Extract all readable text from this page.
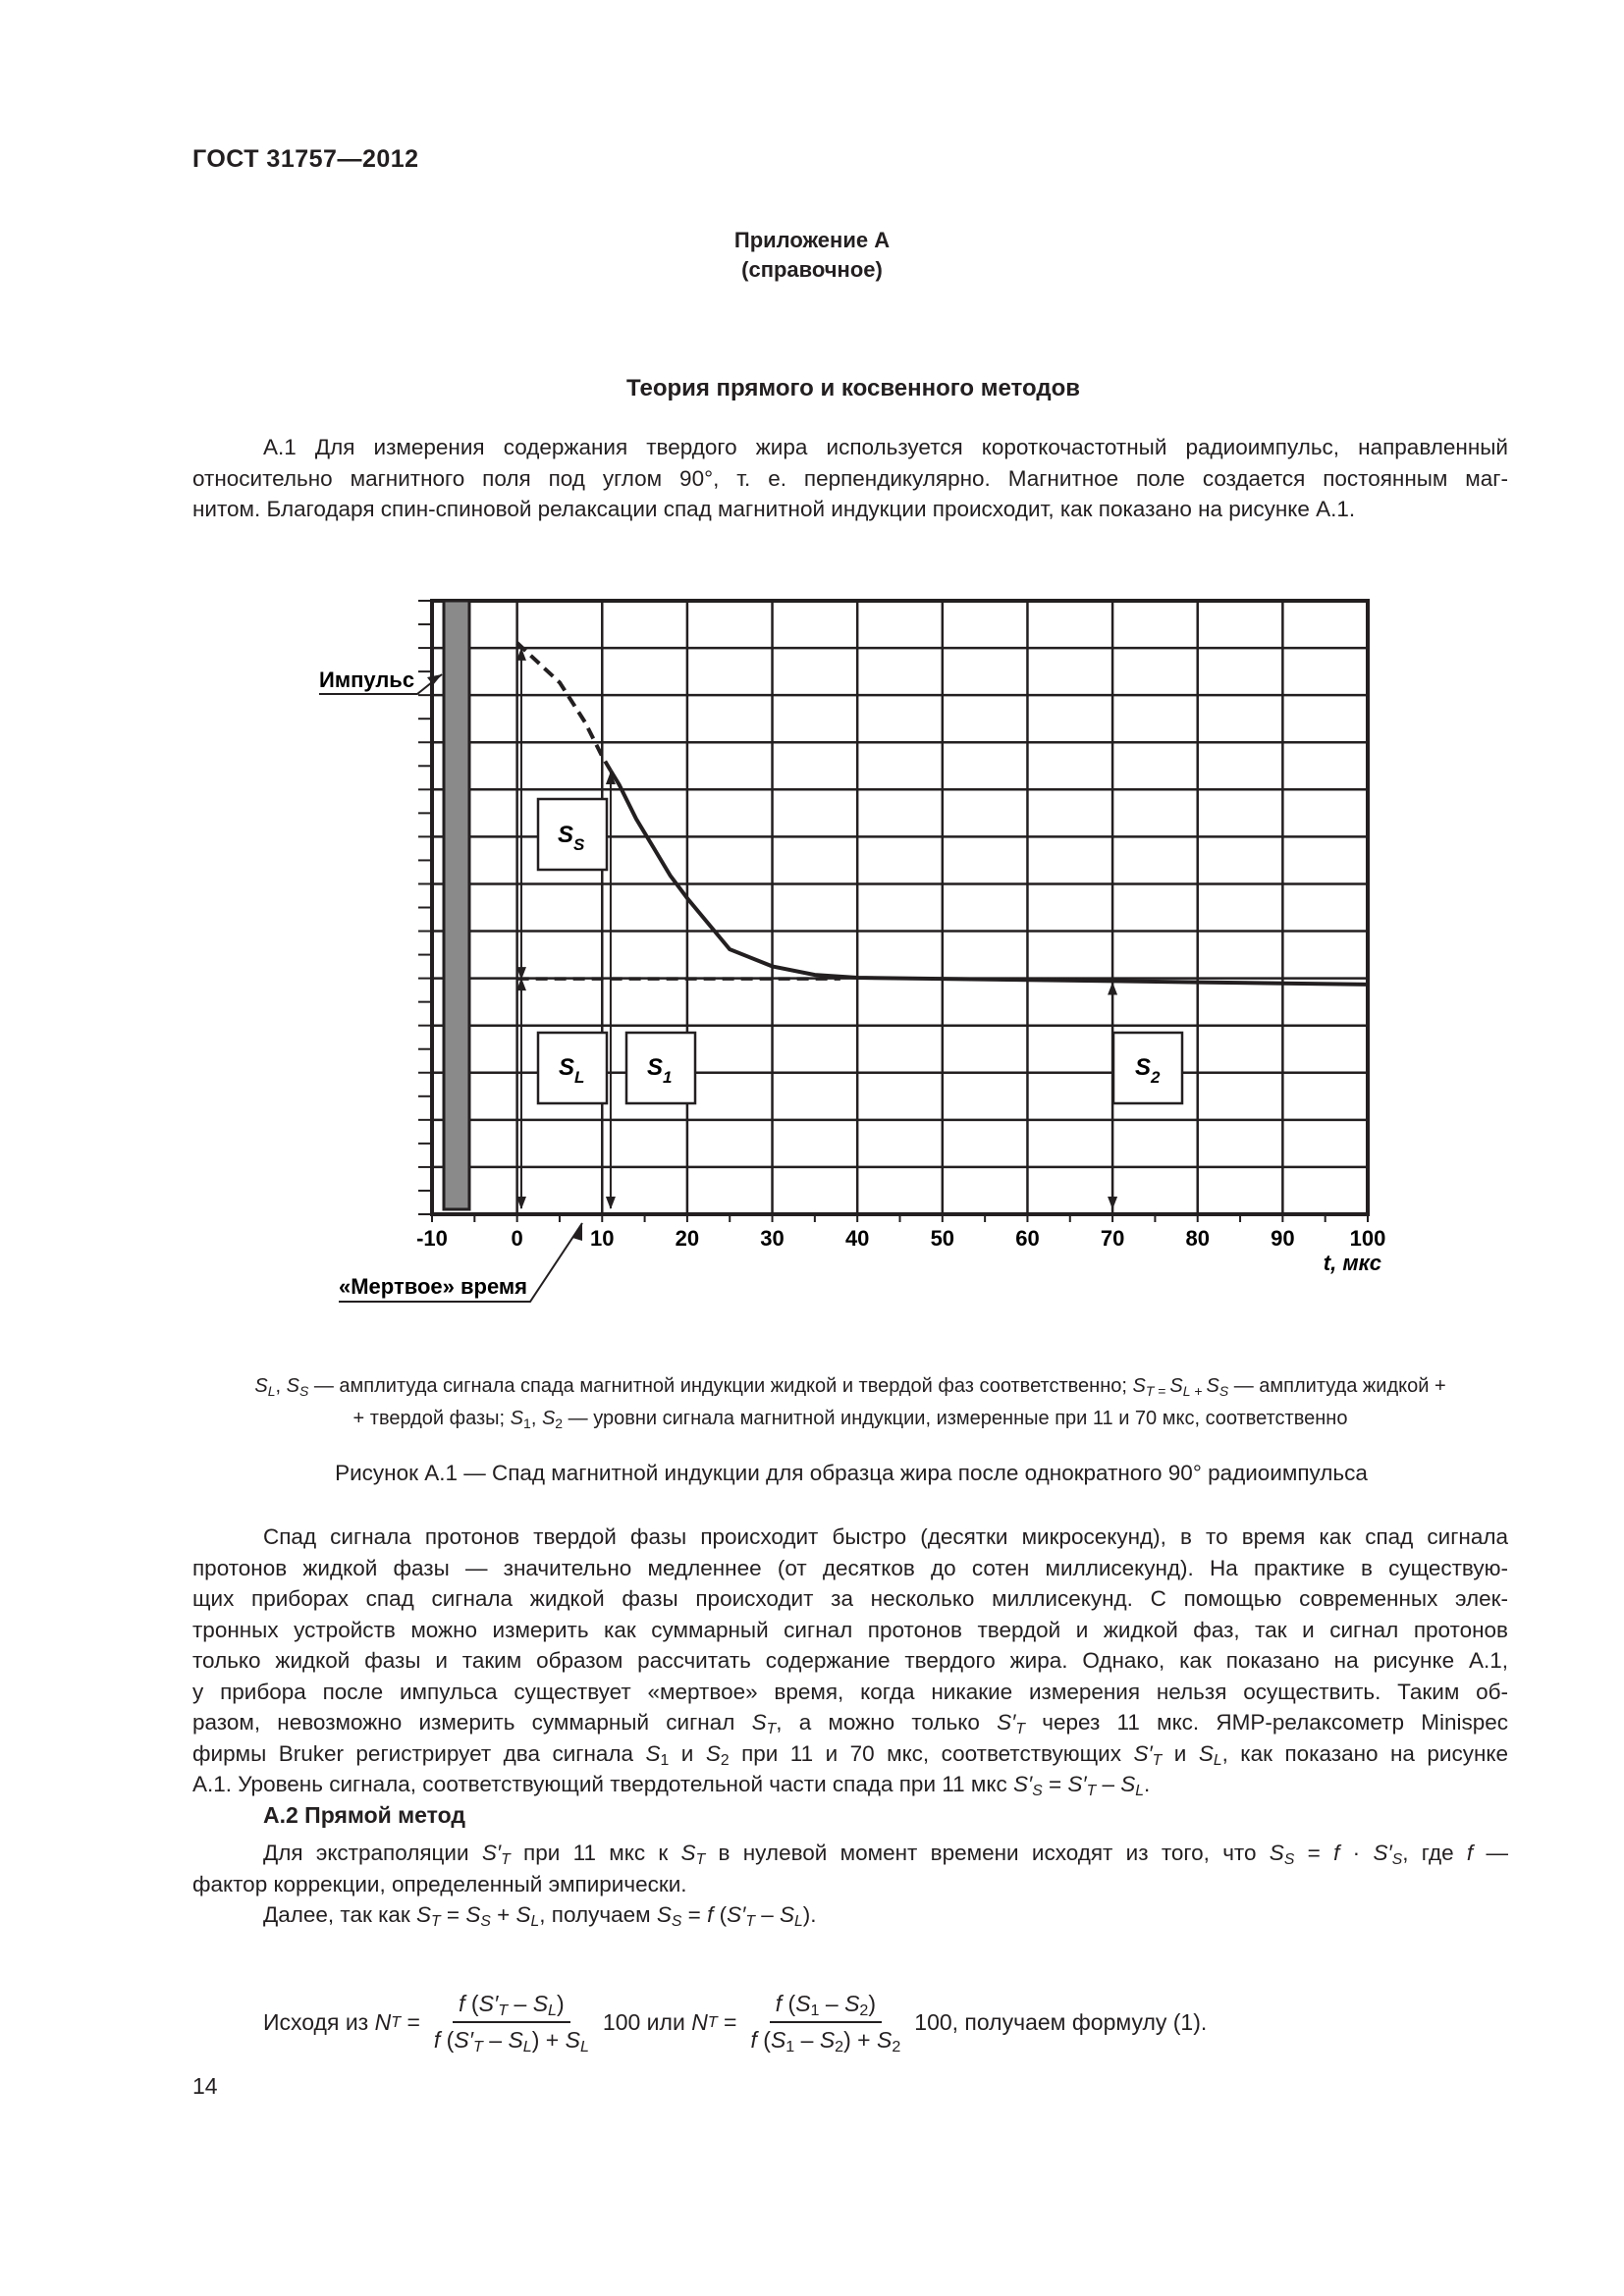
ГОСТ 31757—2012
Приложение А
(справочное)
Теория прямого и косвенного методов
А.1 Для измерения содержания твердого жира используется короткочастотный радиоимпульс, направленный
относительно магнитного поля под углом 90°, т. е. перпендикулярно. Магнитное поле создается постоянным маг-
нитом. Благодаря спин-спиновой релаксации спад магнитной индукции происходит, как показано на рисунке А.1.
-10	0	10	20	30	40	50	60	70	80	90	100
t, мкс
$S_S$
$S_L$	$S_1$	$S_2$
Импульс
«Мертвое» время
$S_L$, $S_S$ — амплитуда сигнала спада магнитной индукции жидкой и твердой фаз соответственно; $S_{T =}$ $S_{L +}$ $S_S$ — амплитуда жидкой +
+ твердой фазы; $S_1$, $S_2$ — уровни сигнала магнитной индукции, измеренные при 11 и 70 мкс, соответственно
Рисунок А.1 — Спад магнитной индукции для образца жира после однократного 90° радиоимпульса
Спад сигнала протонов твердой фазы происходит быстро (десятки микросекунд), в то время как спад сигнала
протонов жидкой фазы — значительно медленнее (от десятков до сотен миллисекунд). На практике в существую-
щих приборах спад сигнала жидкой фазы происходит за несколько миллисекунд. С помощью современных элек-
тронных устройств можно измерить как суммарный сигнал протонов твердой и жидкой фаз, так и сигнал протонов
только жидкой фазы и таким образом рассчитать содержание твердого жира. Однако, как показано на рисунке А.1,
у прибора после импульса существует «мертвое» время, когда никакие измерения нельзя осуществить. Таким об-
разом, невозможно измерить суммарный сигнал $S_T$, а можно только $S'_T$ через 11 мкс. ЯМР-релаксометр Minispec
фирмы Bruker регистрирует два сигнала $S_1$ и $S_2$ при 11 и 70 мкс, соответствующих $S'_T$ и $S_L$, как показано на рисунке
А.1. Уровень сигнала, соответствующий твердотельной части спада при 11 мкс $S'_S = S'_T - S_L$.
А.2 Прямой метод
Для экстраполяции $S'_T$ при 11 мкс к $S_T$ в нулевой момент времени исходят из того, что $S_S = f \cdot S'_S$, где f —
фактор коррекции, определенный эмпирически.
Далее, так как $S_T = S_S + S_L$, получаем $S_S = f$ $(S'_T - S_L)$.
Исходя из
N $T = \frac{f (S'_T - S_L)}{f (S'_T - S_L) + S_L} 100$ или
N $T = \frac{f (S_1 - S_2)}{f (S_1 - S_2) + S_2} 100$, получаем формулу (1).
14
